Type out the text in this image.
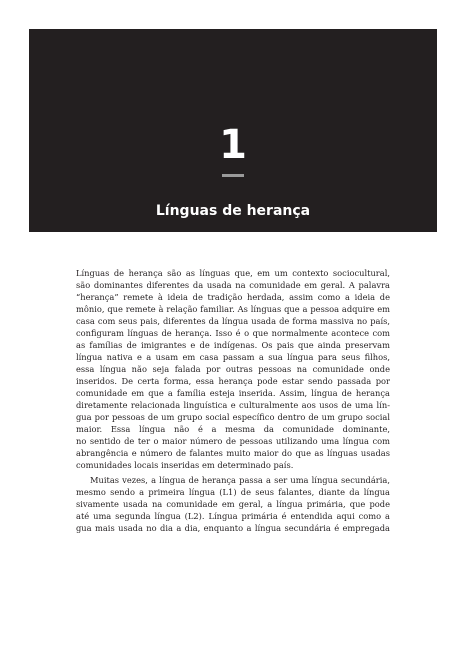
1
Línguas de herança
Línguas de herança são as línguas que, em um contexto sociocultural,
são dominantes diferentes da usada na comunidade em geral. A palavra
“herança” remete à ideia de tradição herdada, assim como a ideia de
mônio, que remete à relação familiar. As línguas que a pessoa adquire em
casa com seus pais, diferentes da língua usada de forma massiva no país,
configuram línguas de herança. Isso é o que normalmente acontece com
as famílias de imigrantes e de indígenas. Os pais que ainda preservam
língua nativa e a usam em casa passam a sua língua para seus filhos,
essa língua não seja falada por outras pessoas na comunidade onde
inseridos. De certa forma, essa herança pode estar sendo passada por
comunidade em que a família esteja inserida. Assim, língua de herança
diretamente relacionada linguística e culturalmente aos usos de uma lín-
gua por pessoas de um grupo social específico dentro de um grupo social
maior. Essa língua não é a mesma da comunidade dominante,
no sentido de ter o maior número de pessoas utilizando uma língua com
abrangência e número de falantes muito maior do que as línguas usadas
comunidades locais inseridas em determinado país.
Muitas vezes, a língua de herança passa a ser uma língua secundária,
mesmo sendo a primeira língua (L1) de seus falantes, diante da língua
sivamente usada na comunidade em geral, a língua primária, que pode
até uma segunda língua (L2). Língua primária é entendida aqui como a
gua mais usada no dia a dia, enquanto a língua secundária é empregada
